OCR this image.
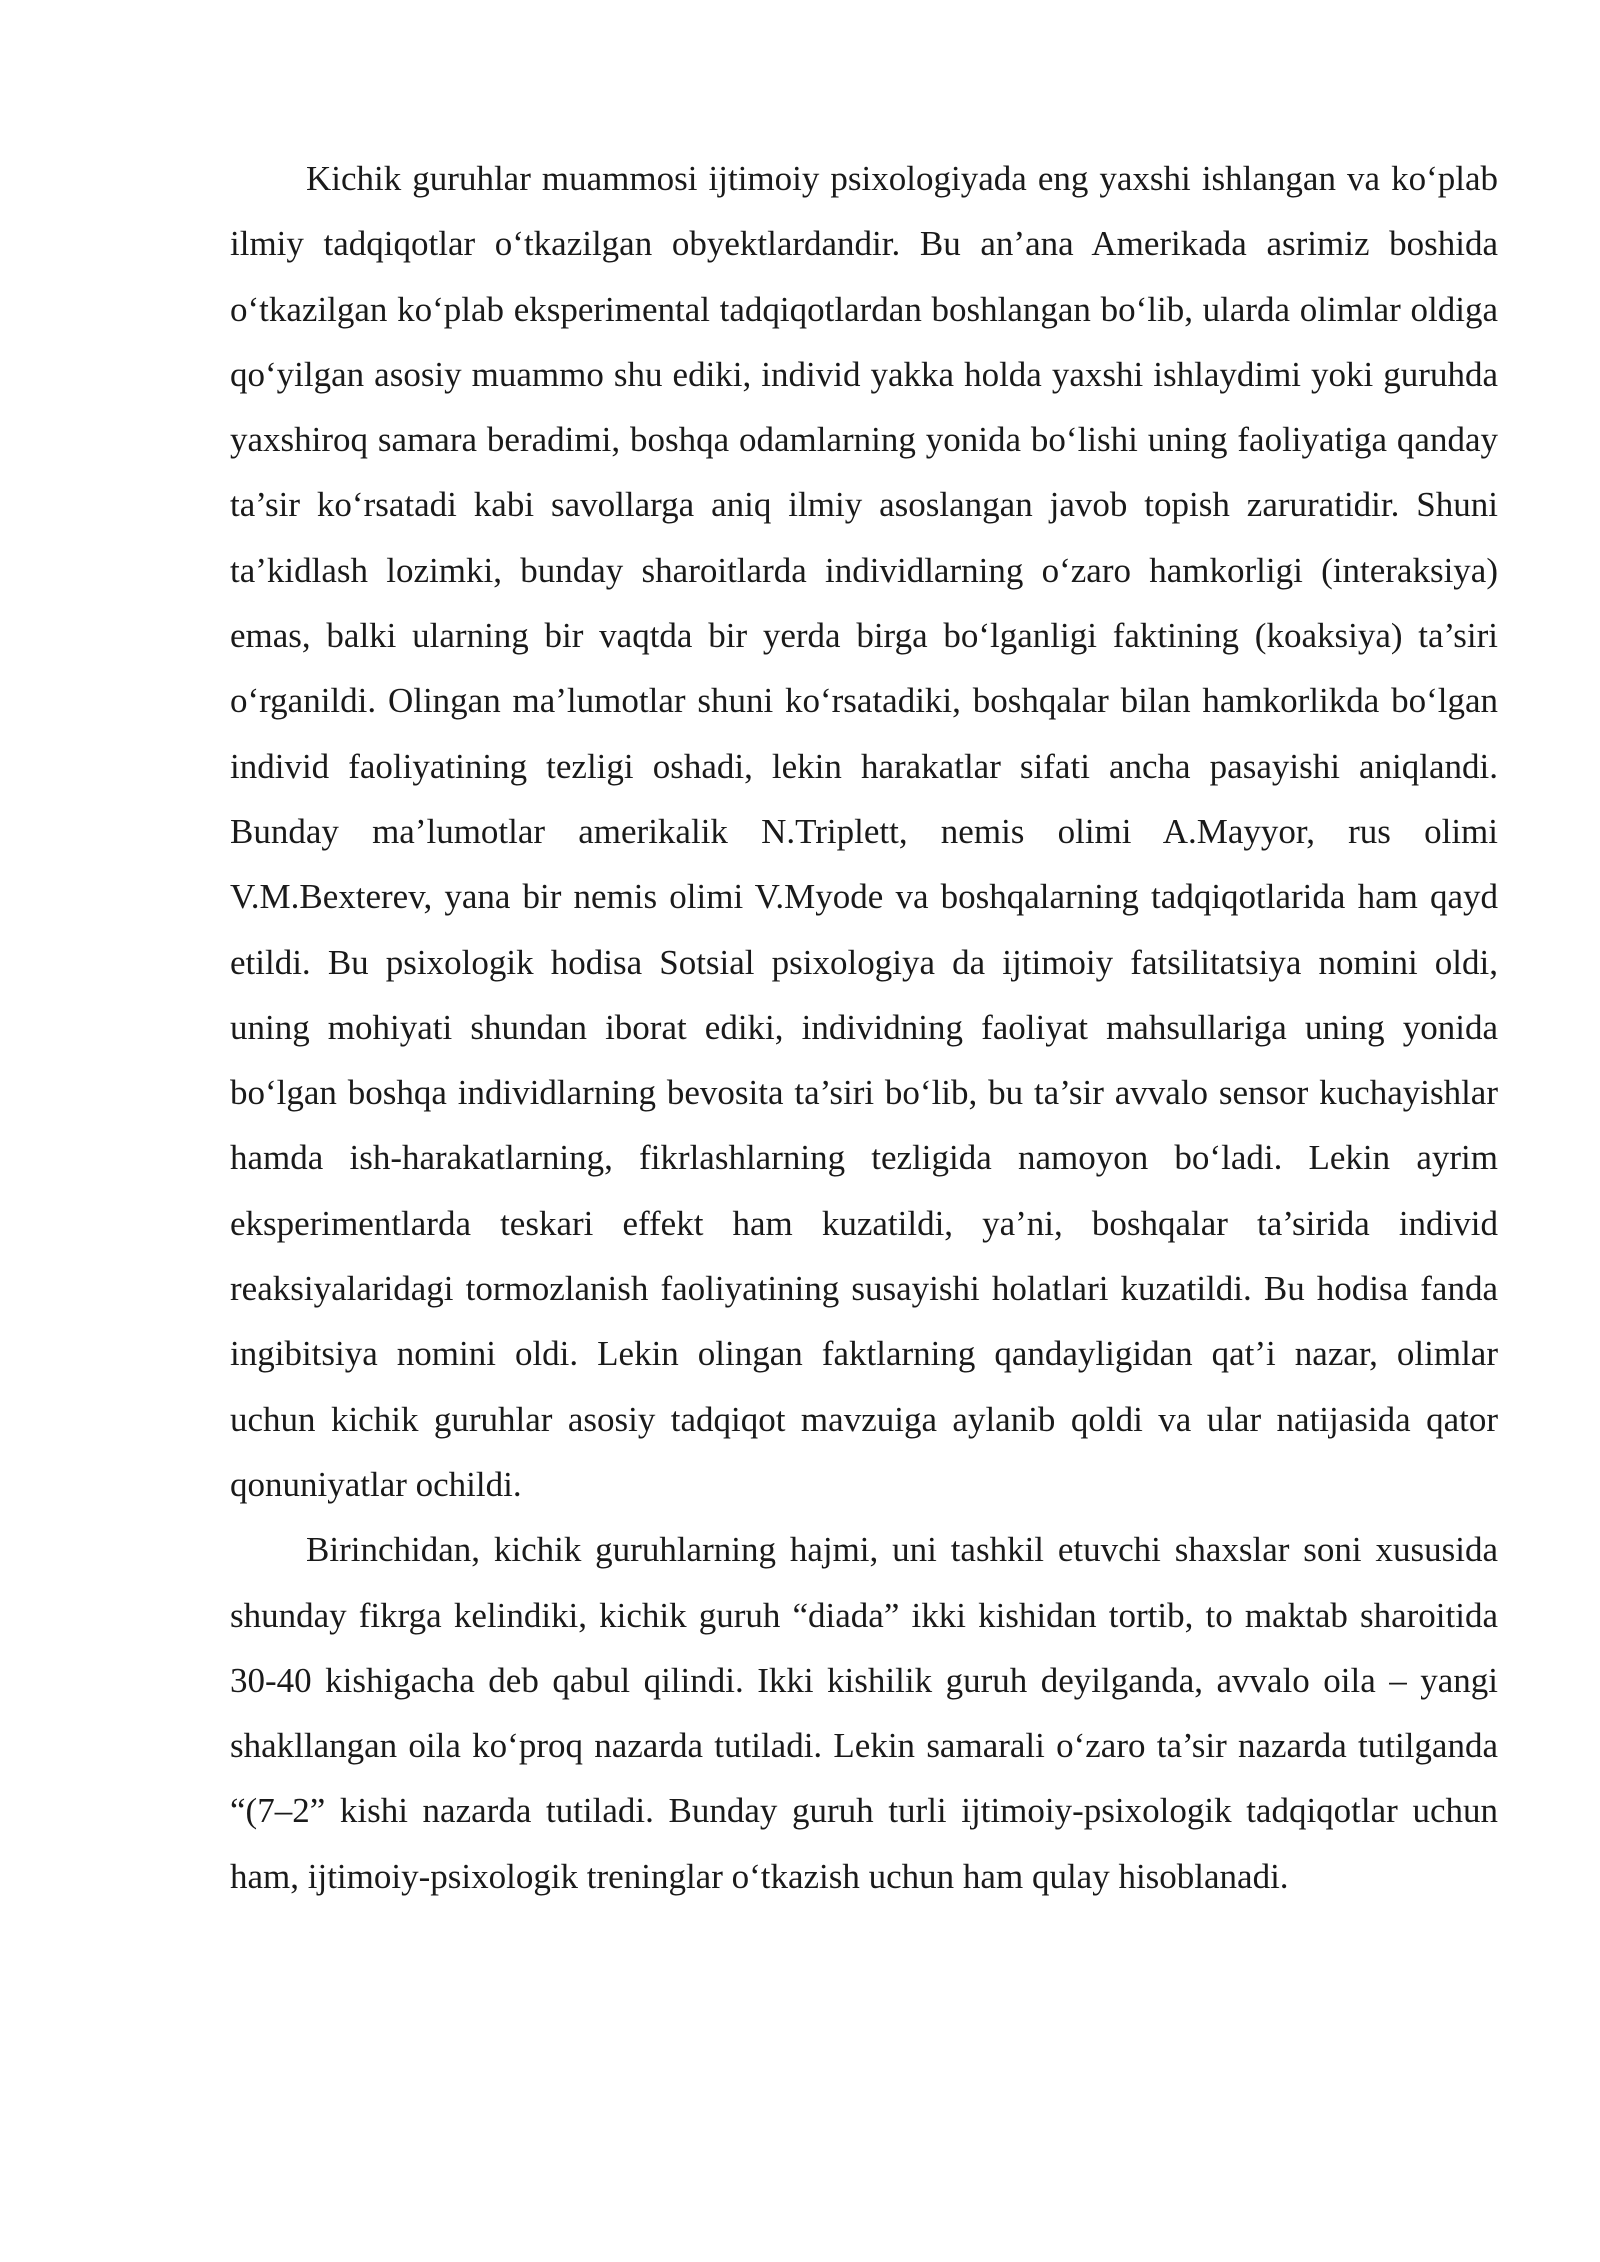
Kichik guruhlar muammosi ijtimoiy psixologiyada eng yaxshi ishlangan va ko‘plab ilmiy tadqiqotlar o‘tkazilgan obyektlardandir. Bu an’ana Amerikada asrimiz boshida o‘tkazilgan ko‘plab eksperimental tadqiqotlardan boshlangan bo‘lib, ularda olimlar oldiga qo‘yilgan asosiy muammo shu ediki, individ yakka holda yaxshi ishlaydimi yoki guruhda yaxshiroq samara beradimi, boshqa odamlarning yonida bo‘lishi uning faoliyatiga qanday ta’sir ko‘rsatadi kabi savollarga aniq ilmiy asoslangan javob topish zaruratidir. Shuni ta’kidlash lozimki, bunday sharoitlarda individlarning o‘zaro hamkorligi (interaksiya) emas, balki ularning bir vaqtda bir yerda birga bo‘lganligi faktining (koaksiya) ta’siri o‘rganildi. Olingan ma’lumotlar shuni ko‘rsatadiki, boshqalar bilan hamkorlikda bo‘lgan individ faoliyatining tezligi oshadi, lekin harakatlar sifati ancha pasayishi aniqlandi. Bunday ma’lumotlar amerikalik N.Triplett, nemis olimi A.Mayyor, rus olimi V.M.Bexterev, yana bir nemis olimi V.Myode va boshqalarning tadqiqotlarida ham qayd etildi. Bu psixologik hodisa Sotsial psixologiya da ijtimoiy fatsilitatsiya nomini oldi, uning mohiyati shundan iborat ediki, individning faoliyat mahsullariga uning yonida bo‘lgan boshqa individlarning bevosita ta’siri bo‘lib, bu ta’sir avvalo sensor kuchayishlar hamda ish-harakatlarning, fikrlashlarning tezligida namoyon bo‘ladi. Lekin ayrim eksperimentlarda teskari effekt ham kuzatildi, ya’ni, boshqalar ta’sirida individ reaksiyalaridagi tormozlanish faoliyatining susayishi holatlari kuzatildi. Bu hodisa fanda ingibitsiya nomini oldi. Lekin olingan faktlarning qandayligidan qat’i nazar, olimlar uchun kichik guruhlar asosiy tadqiqot mavzuiga aylanib qoldi va ular natijasida qator qonuniyatlar ochildi.

Birinchidan, kichik guruhlarning hajmi, uni tashkil etuvchi shaxslar soni xususida shunday fikrga kelindiki, kichik guruh “diada” ikki kishidan tortib, to maktab sharoitida 30-40 kishigacha deb qabul qilindi. Ikki kishilik guruh deyilganda, avvalo oila – yangi shakllangan oila ko‘proq nazarda tutiladi. Lekin samarali o‘zaro ta’sir nazarda tutilganda “(7–2” kishi nazarda tutiladi. Bunday guruh turli ijtimoiy-psixologik tadqiqotlar uchun ham, ijtimoiy-psixologik treninglar o‘tkazish uchun ham qulay hisoblanadi.
